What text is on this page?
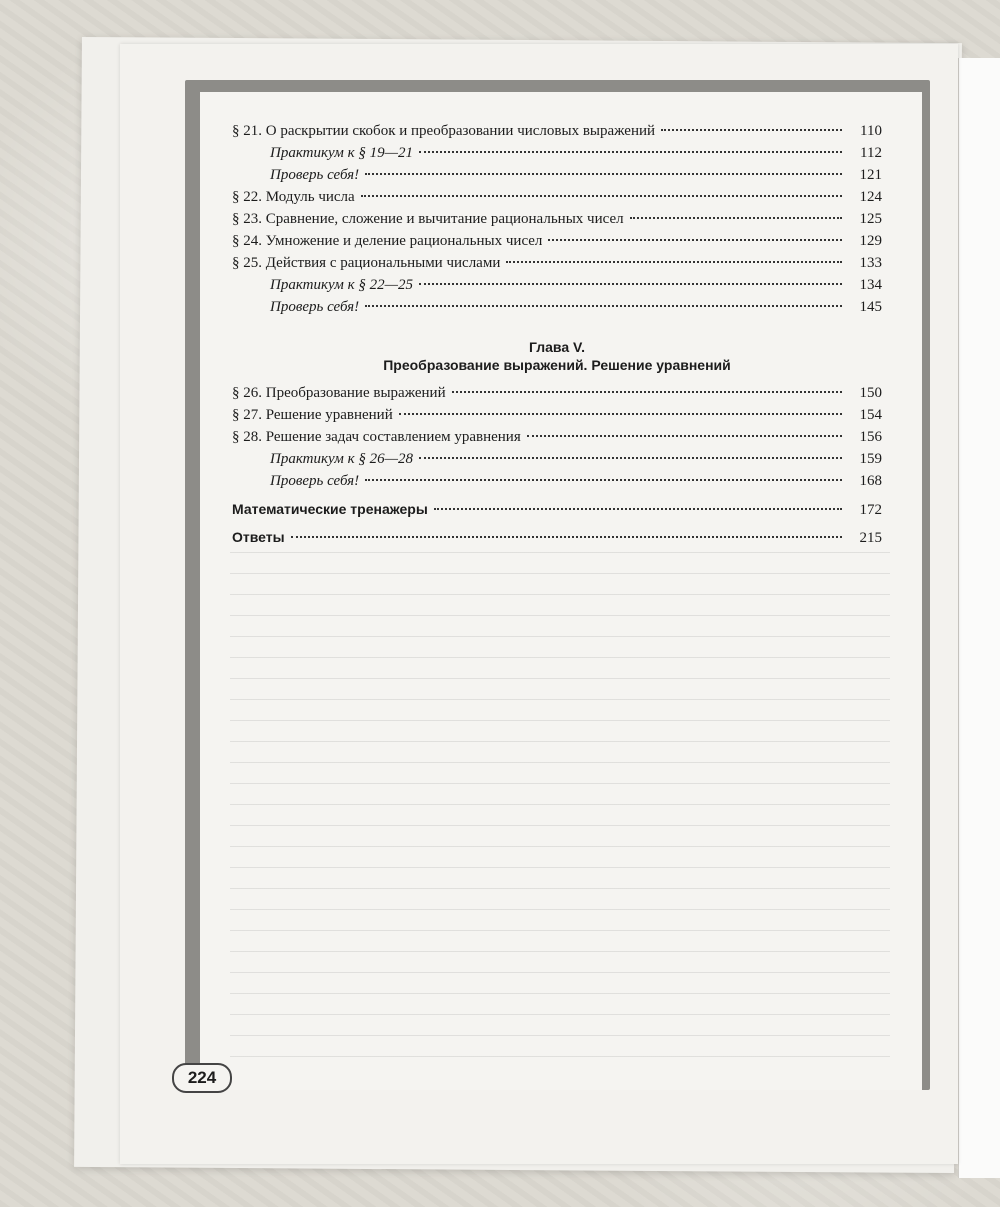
§ 21. О раскрытии скобок и преобразовании числовых выражений	110
Практикум к § 19—21	112
Проверь себя!	121
§ 22. Модуль числа	124
§ 23. Сравнение, сложение и вычитание рациональных чисел	125
§ 24. Умножение и деление рациональных чисел	129
§ 25. Действия с рациональными числами	133
Практикум к § 22—25	134
Проверь себя!	145
Глава V.
Преобразование выражений. Решение уравнений
§ 26. Преобразование выражений	150
§ 27. Решение уравнений	154
§ 28. Решение задач составлением уравнения	156
Практикум к § 26—28	159
Проверь себя!	168
Математические тренажеры	172
Ответы	215
224
